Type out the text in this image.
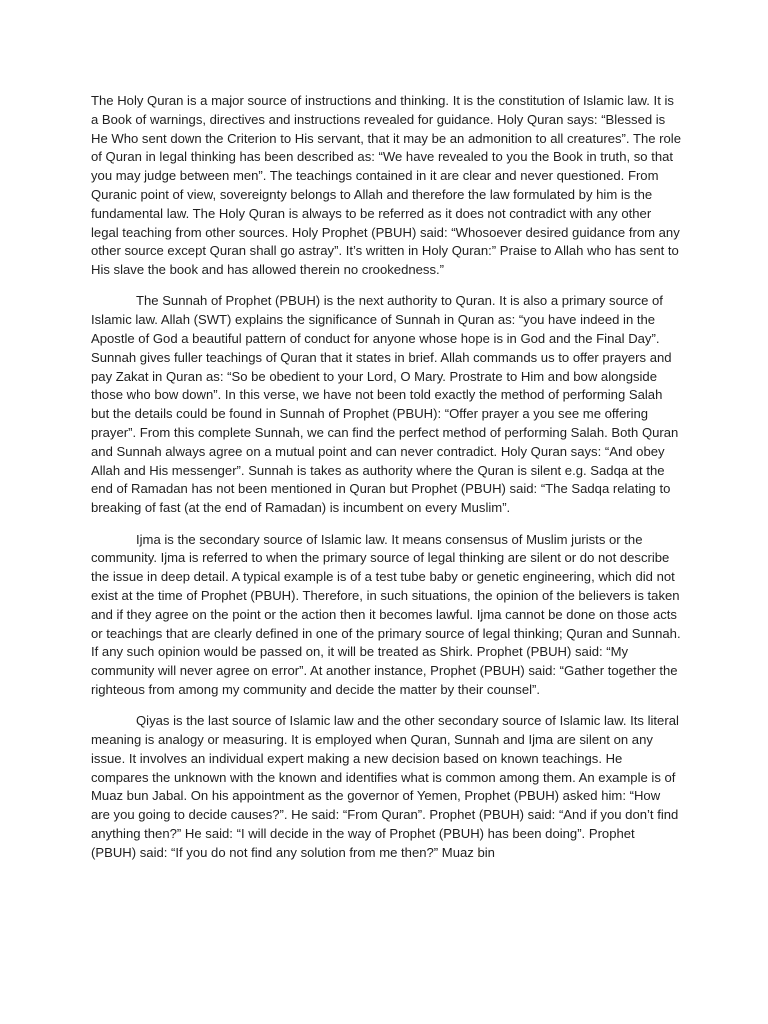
The Holy Quran is a major source of instructions and thinking. It is the constitution of Islamic law. It is a Book of warnings, directives and instructions revealed for guidance. Holy Quran says: “Blessed is He Who sent down the Criterion to His servant, that it may be an admonition to all creatures”. The role of Quran in legal thinking has been described as: “We have revealed to you the Book in truth, so that you may judge between men”. The teachings contained in it are clear and never questioned. From Quranic point of view, sovereignty belongs to Allah and therefore the law formulated by him is the fundamental law. The Holy Quran is always to be referred as it does not contradict with any other legal teaching from other sources. Holy Prophet (PBUH) said: “Whosoever desired guidance from any other source except Quran shall go astray”. It’s written in Holy Quran:” Praise to Allah who has sent to His slave the book and has allowed therein no crookedness.”

The Sunnah of Prophet (PBUH) is the next authority to Quran. It is also a primary source of Islamic law. Allah (SWT) explains the significance of Sunnah in Quran as: “you have indeed in the Apostle of God a beautiful pattern of conduct for anyone whose hope is in God and the Final Day”. Sunnah gives fuller teachings of Quran that it states in brief. Allah commands us to offer prayers and pay Zakat in Quran as: “So be obedient to your Lord, O Mary. Prostrate to Him and bow alongside those who bow down”. In this verse, we have not been told exactly the method of performing Salah but the details could be found in Sunnah of Prophet (PBUH): “Offer prayer a you see me offering prayer”. From this complete Sunnah, we can find the perfect method of performing Salah. Both Quran and Sunnah always agree on a mutual point and can never contradict. Holy Quran says: “And obey Allah and His messenger”. Sunnah is takes as authority where the Quran is silent e.g. Sadqa at the end of Ramadan has not been mentioned in Quran but Prophet (PBUH) said: “The Sadqa relating to breaking of fast (at the end of Ramadan) is incumbent on every Muslim”.

Ijma is the secondary source of Islamic law. It means consensus of Muslim jurists or the community. Ijma is referred to when the primary source of legal thinking are silent or do not describe the issue in deep detail. A typical example is of a test tube baby or genetic engineering, which did not exist at the time of Prophet (PBUH). Therefore, in such situations, the opinion of the believers is taken and if they agree on the point or the action then it becomes lawful. Ijma cannot be done on those acts or teachings that are clearly defined in one of the primary source of legal thinking; Quran and Sunnah. If any such opinion would be passed on, it will be treated as Shirk. Prophet (PBUH) said: “My community will never agree on error”. At another instance, Prophet (PBUH) said: “Gather together the righteous from among my community and decide the matter by their counsel”.

Qiyas is the last source of Islamic law and the other secondary source of Islamic law. Its literal meaning is analogy or measuring. It is employed when Quran, Sunnah and Ijma are silent on any issue. It involves an individual expert making a new decision based on known teachings. He compares the unknown with the known and identifies what is common among them. An example is of Muaz bun Jabal. On his appointment as the governor of Yemen, Prophet (PBUH) asked him: “How are you going to decide causes?”. He said: “From Quran”. Prophet (PBUH) said: “And if you don’t find anything then?” He said: “I will decide in the way of Prophet (PBUH) has been doing”. Prophet (PBUH) said: “If you do not find any solution from me then?” Muaz bin
